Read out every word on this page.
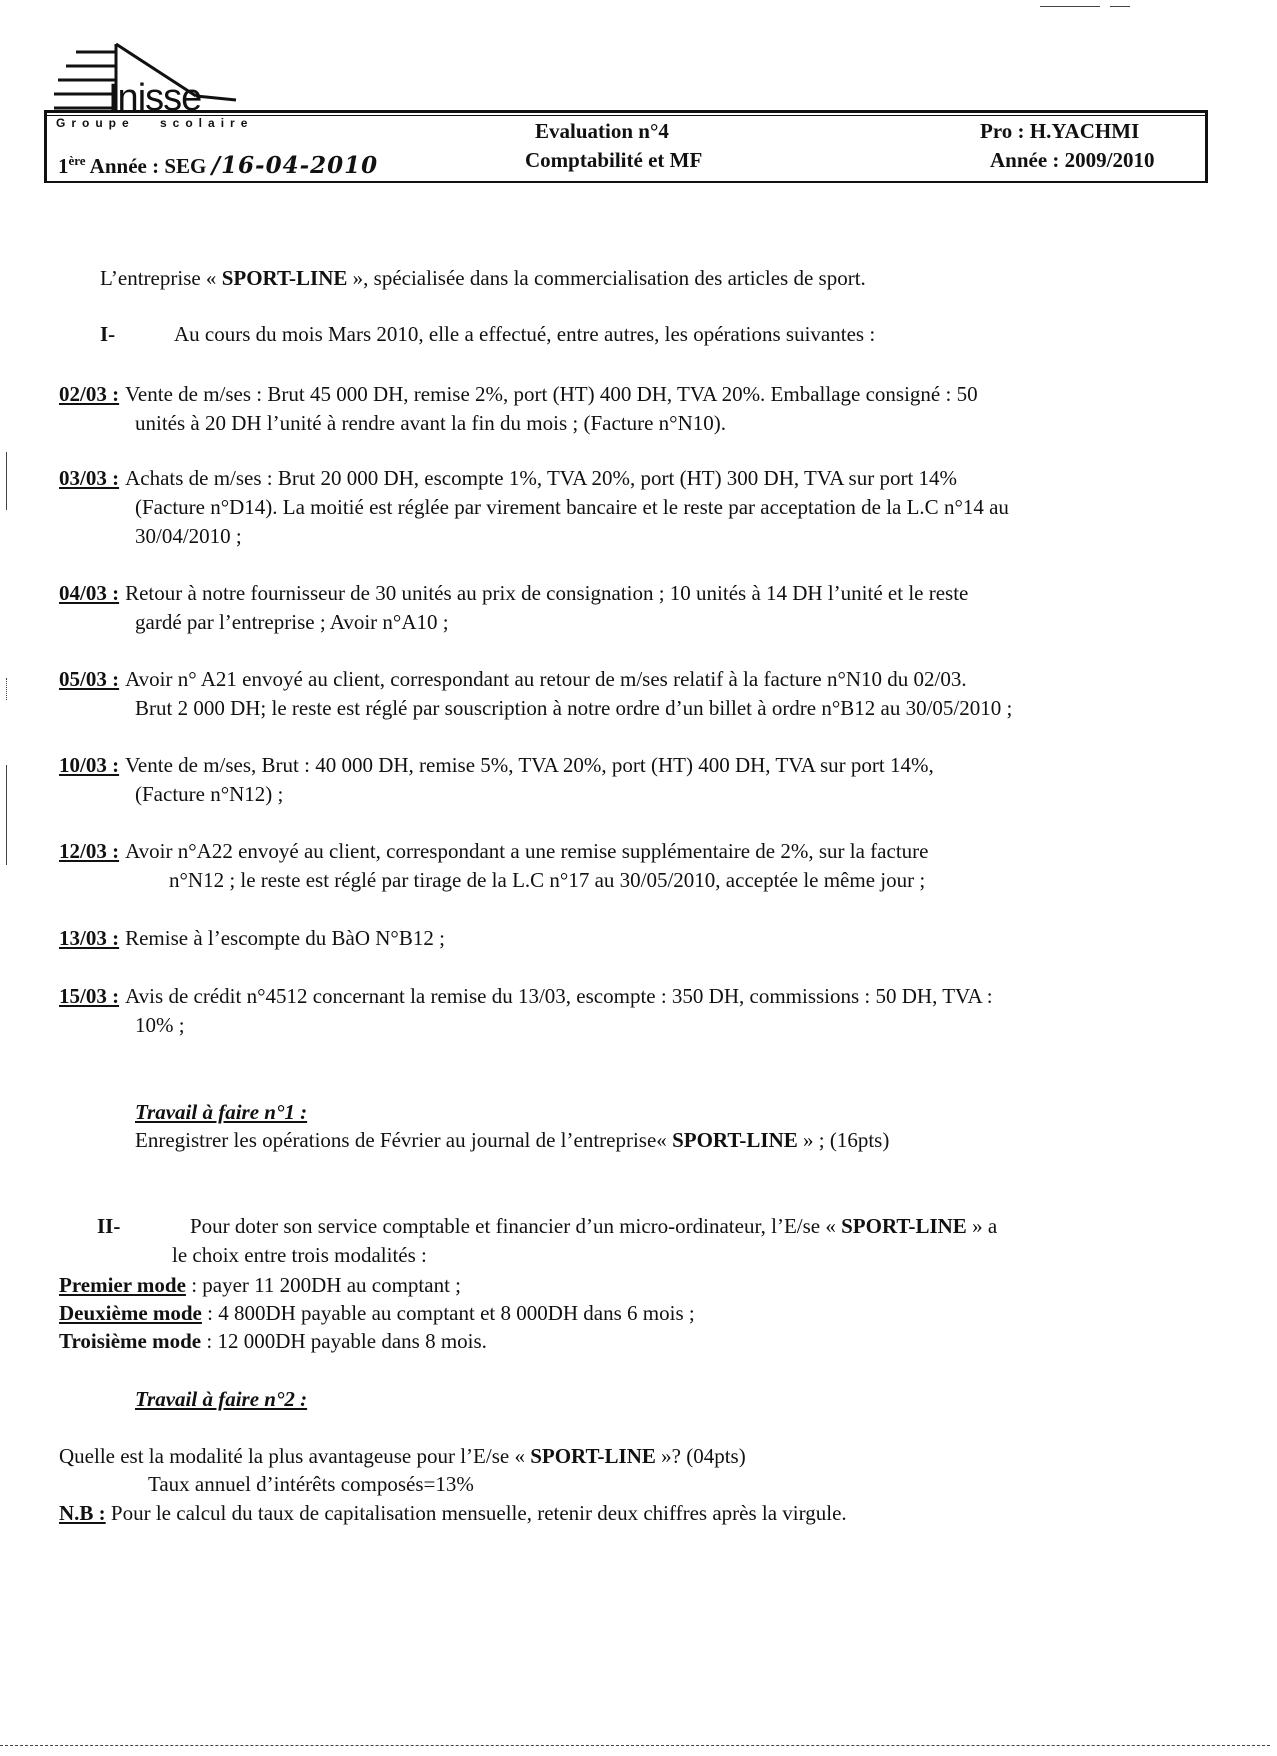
Inisse
Groupe scolaire
1ère Année : SEG /16-04-2010
Evaluation n°4
Comptabilité et MF
Pro : H.YACHMI
Année : 2009/2010
L’entreprise « SPORT-LINE », spécialisée dans la commercialisation des articles de sport.
I-	Au cours du mois Mars 2010, elle a effectué, entre autres, les opérations suivantes :
02/03 : Vente de m/ses : Brut 45 000 DH, remise 2%, port (HT) 400 DH, TVA 20%. Emballage consigné : 50
unités à 20 DH l’unité à rendre avant la fin du mois ; (Facture n°N10).
03/03 : Achats de m/ses : Brut 20 000 DH, escompte 1%, TVA 20%, port (HT) 300 DH, TVA sur port 14%
(Facture n°D14). La moitié est réglée par virement bancaire et le reste par acceptation de la L.C n°14 au
30/04/2010 ;
04/03 : Retour à notre fournisseur de 30 unités au prix de consignation ; 10 unités à 14 DH l’unité et le reste
gardé par l’entreprise ; Avoir n°A10 ;
05/03 : Avoir n° A21 envoyé au client, correspondant au retour de m/ses relatif à la facture n°N10 du 02/03.
Brut 2 000 DH; le reste est réglé par souscription à notre ordre d’un billet à ordre n°B12 au 30/05/2010 ;
10/03 : Vente de m/ses, Brut : 40 000 DH, remise 5%, TVA 20%, port (HT) 400 DH, TVA sur port 14%,
(Facture n°N12) ;
12/03 : Avoir n°A22 envoyé au client, correspondant a une remise supplémentaire de 2%, sur la facture
n°N12 ; le reste est réglé par tirage de la L.C n°17 au 30/05/2010, acceptée le même jour ;
13/03 : Remise à l’escompte du BàO N°B12 ;
15/03 : Avis de crédit n°4512 concernant la remise du 13/03, escompte : 350 DH, commissions : 50 DH, TVA :
10% ;
Travail à faire n°1 :
Enregistrer les opérations de Février au journal de l’entreprise« SPORT-LINE » ; (16pts)
II-	Pour doter son service comptable et financier d’un micro-ordinateur, l’E/se « SPORT-LINE » a
le choix entre trois modalités :
Premier mode : payer 11 200DH au comptant ;
Deuxième mode : 4 800DH payable au comptant et 8 000DH dans 6 mois ;
Troisième mode : 12 000DH payable dans 8 mois.
Travail à faire n°2 :
Quelle est la modalité la plus avantageuse pour l’E/se « SPORT-LINE »? (04pts)
Taux annuel d’intérêts composés=13%
N.B : Pour le calcul du taux de capitalisation mensuelle, retenir deux chiffres après la virgule.
